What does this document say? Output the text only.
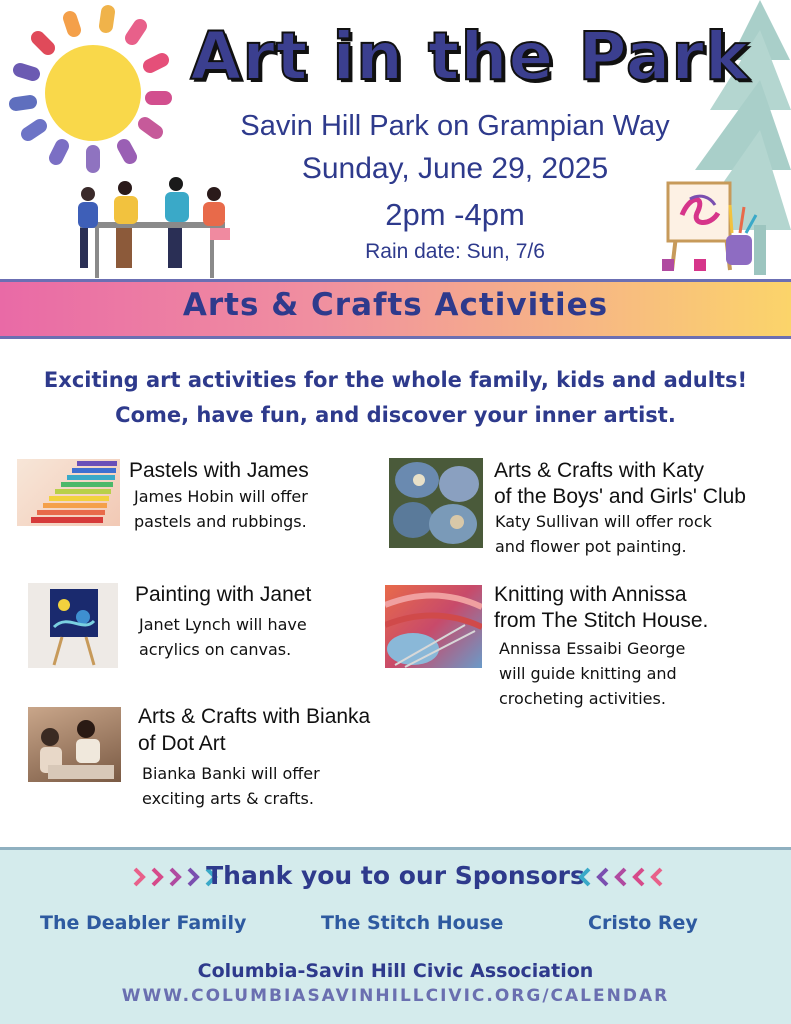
Art in the Park
Savin Hill Park on Grampian Way
Sunday, June 29, 2025
2pm -4pm
Rain date: Sun, 7/6
Arts & Crafts Activities
Exciting art activities for the whole family, kids and adults!
Come, have fun, and discover your inner artist.
Pastels with James
James Hobin will offer
pastels and rubbings.
Painting with Janet
Janet Lynch will have
acrylics on canvas.
Arts & Crafts with Bianka
of Dot Art
Bianka Banki will offer
exciting arts & crafts.
Arts & Crafts with Katy
of the Boys' and Girls' Club
Katy Sullivan will offer rock
and flower pot painting.
Knitting with Annissa
from The Stitch House.
Annissa Essaibi George
will guide knitting and
crocheting activities.
Thank you to our Sponsors
The Deabler Family	The Stitch House	Cristo Rey
Columbia-Savin Hill Civic Association
WWW.COLUMBIASAVINHILLCIVIC.ORG/CALENDAR
